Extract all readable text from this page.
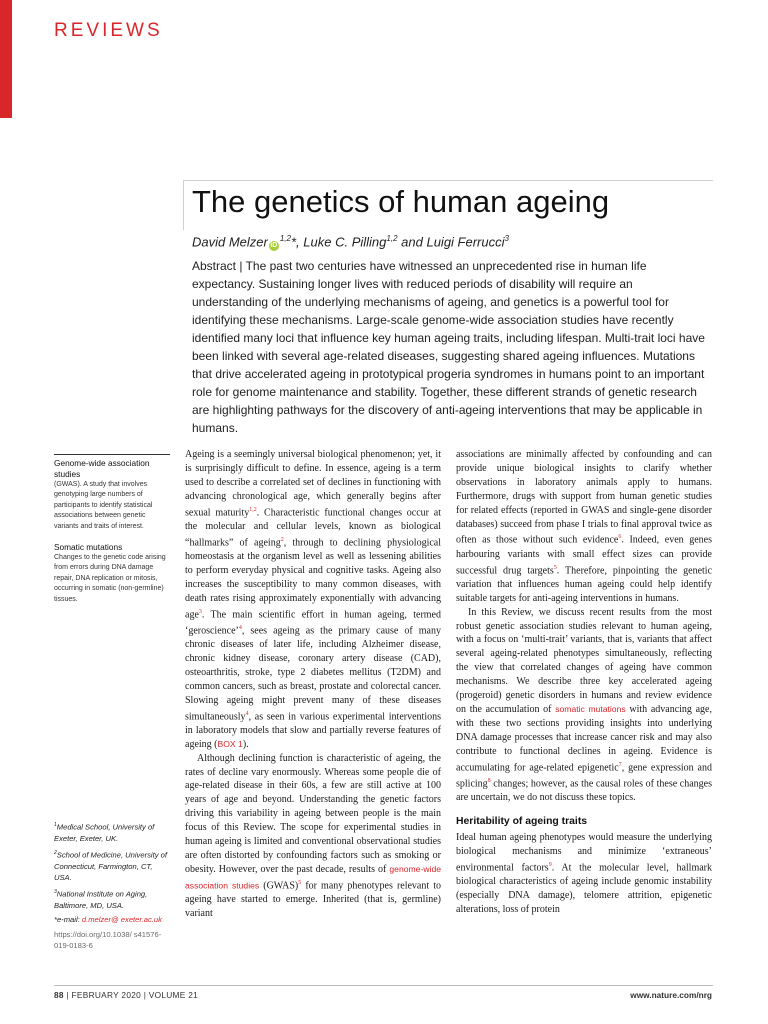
REVIEWS
The genetics of human ageing
David Melzer iD$^{1,2}$*, Luke C. Pilling$^{1,2}$ and Luigi Ferrucci$^3$
Abstract | The past two centuries have witnessed an unprecedented rise in human life expectancy. Sustaining longer lives with reduced periods of disability will require an understanding of the underlying mechanisms of ageing, and genetics is a powerful tool for identifying these mechanisms. Large-scale genome-wide association studies have recently identified many loci that influence key human ageing traits, including lifespan. Multi-trait loci have been linked with several age-related diseases, suggesting shared ageing influences. Mutations that drive accelerated ageing in prototypical progeria syndromes in humans point to an important role for genome maintenance and stability. Together, these different strands of genetic research are highlighting pathways for the discovery of anti-ageing interventions that may be applicable in humans.
Genome-wide association studies
(GWAS). A study that involves genotyping large numbers of participants to identify statistical associations between genetic variants and traits of interest.
Somatic mutations
Changes to the genetic code arising from errors during DNA damage repair, DNA replication or mitosis, occurring in somatic (non-germline) tissues.
$^1$Medical School, University of Exeter, Exeter, UK.
$^2$School of Medicine, University of Connecticut, Farmington, CT, USA.
$^3$National Institute on Aging, Baltimore, MD, USA.
*e-mail: d.melzer@ exeter.ac.uk
https://doi.org/10.1038/ s41576-019-0183-6

Ageing is a seemingly universal biological phenomenon; yet, it is surprisingly difficult to define. In essence, ageing is a term used to describe a correlated set of declines in functioning with advancing chronological age, which generally begins after sexual maturity$^{1,2}$. Characteristic functional changes occur at the molecular and cellular levels, known as biological “hallmarks” of ageing$^2$, through to declining physiological homeostasis at the organism level as well as lessening abilities to perform everyday physical and cognitive tasks. Ageing also increases the susceptibility to many common diseases, with death rates rising approximately exponentially with advancing age$^3$. The main scientific effort in human ageing, termed ‘geroscience’$^4$, sees ageing as the primary cause of many chronic diseases of later life, including Alzheimer disease, chronic kidney disease, coronary artery disease (CAD), osteoarthritis, stroke, type 2 diabetes mellitus (T2DM) and common cancers, such as breast, prostate and colorectal cancer. Slowing ageing might prevent many of these diseases simultaneously$^4$, as seen in various experimental interventions in laboratory models that slow and partially reverse features of ageing (BOX 1).

Although declining function is characteristic of ageing, the rates of decline vary enormously. Whereas some people die of age-related disease in their 60s, a few are still active at 100 years of age and beyond. Understanding the genetic factors driving this variability in ageing between people is the main focus of this Review. The scope for experimental studies in human ageing is limited and conventional observational studies are often distorted by confounding factors such as smoking or obesity. However, over the past decade, results of genome-wide association studies (GWAS)$^5$ for many phenotypes relevant to ageing have started to emerge. Inherited (that is, germline) variant

associations are minimally affected by confounding and can provide unique biological insights to clarify whether observations in laboratory animals apply to humans. Furthermore, drugs with support from human genetic studies for related effects (reported in GWAS and single-gene disorder databases) succeed from phase I trials to final approval twice as often as those without such evidence$^6$. Indeed, even genes harbouring variants with small effect sizes can provide successful drug targets$^5$. Therefore, pinpointing the genetic variation that influences human ageing could help identify suitable targets for anti-ageing interventions in humans.

In this Review, we discuss recent results from the most robust genetic association studies relevant to human ageing, with a focus on ‘multi-trait’ variants, that is, variants that affect several ageing-related phenotypes simultaneously, reflecting the view that correlated changes of ageing have common mechanisms. We describe three key accelerated ageing (progeroid) genetic disorders in humans and review evidence on the accumulation of somatic mutations with advancing age, with these two sections providing insights into underlying DNA damage processes that increase cancer risk and may also contribute to functional declines in ageing. Evidence is accumulating for age-related epigenetic$^7$, gene expression and splicing$^8$ changes; however, as the causal roles of these changes are uncertain, we do not discuss these topics.

Heritability of ageing traits

Ideal human ageing phenotypes would measure the underlying biological mechanisms and minimize ‘extraneous’ environmental factors$^9$. At the molecular level, hallmark biological characteristics of ageing include genomic instability (especially DNA damage), telomere attrition, epigenetic alterations, loss of protein

88 | FEBRUARY 2020 | VOLUME 21	www.nature.com/nrg
